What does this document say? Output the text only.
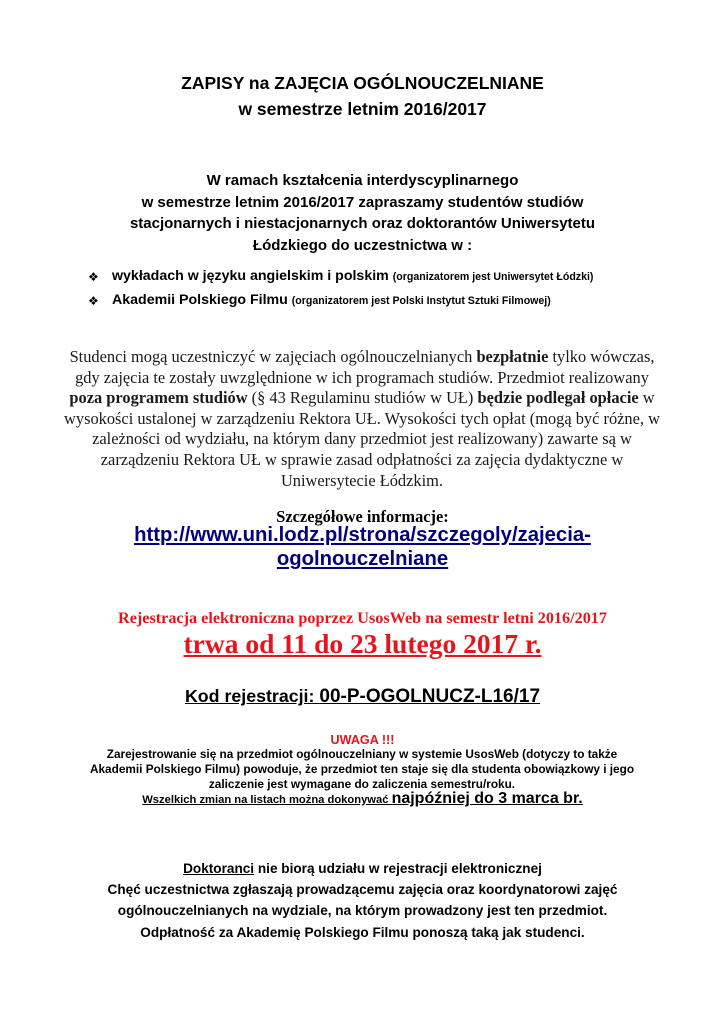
ZAPISY na ZAJĘCIA OGÓLNOUCZELNIANE
w semestrze letnim 2016/2017
W ramach kształcenia interdyscyplinarnego
w semestrze letnim 2016/2017 zapraszamy studentów studiów
stacjonarnych i niestacjonarnych oraz doktorantów Uniwersytetu
Łódzkiego do uczestnictwa w :
❖ wykładach w języku angielskim i polskim (organizatorem jest Uniwersytet Łódzki)
❖ Akademii Polskiego Filmu (organizatorem jest Polski Instytut Sztuki Filmowej)
Studenci mogą uczestniczyć w zajęciach ogólnouczelnianych bezpłatnie tylko wówczas, gdy zajęcia te zostały uwzględnione w ich programach studiów. Przedmiot realizowany poza programem studiów (§ 43 Regulaminu studiów w UŁ) będzie podlegał opłacie w wysokości ustalonej w zarządzeniu Rektora UŁ. Wysokości tych opłat (mogą być różne, w zależności od wydziału, na którym dany przedmiot jest realizowany) zawarte są w zarządzeniu Rektora UŁ w sprawie zasad odpłatności za zajęcia dydaktyczne w Uniwersytecie Łódzkim.
Szczegółowe informacje:
http://www.uni.lodz.pl/strona/szczegoly/zajecia-
ogolnouczelniane
Rejestracja elektroniczna poprzez UsosWeb na semestr letni 2016/2017
trwa od 11 do 23 lutego 2017 r.
Kod rejestracji: 00-P-OGOLNUCZ-L16/17
UWAGA !!!
Zarejestrowanie się na przedmiot ogólnouczelniany w systemie UsosWeb (dotyczy to także Akademii Polskiego Filmu) powoduje, że przedmiot ten staje się dla studenta obowiązkowy i jego zaliczenie jest wymagane do zaliczenia semestru/roku.
Wszelkich zmian na listach można dokonywać najpóźniej do 3 marca br.
Doktoranci nie biorą udziału w rejestracji elektronicznej
Chęć uczestnictwa zgłaszają prowadzącemu zajęcia oraz koordynatorowi zajęć ogólnouczelnianych na wydziale, na którym prowadzony jest ten przedmiot.
Odpłatność za Akademię Polskiego Filmu ponoszą taką jak studenci.
